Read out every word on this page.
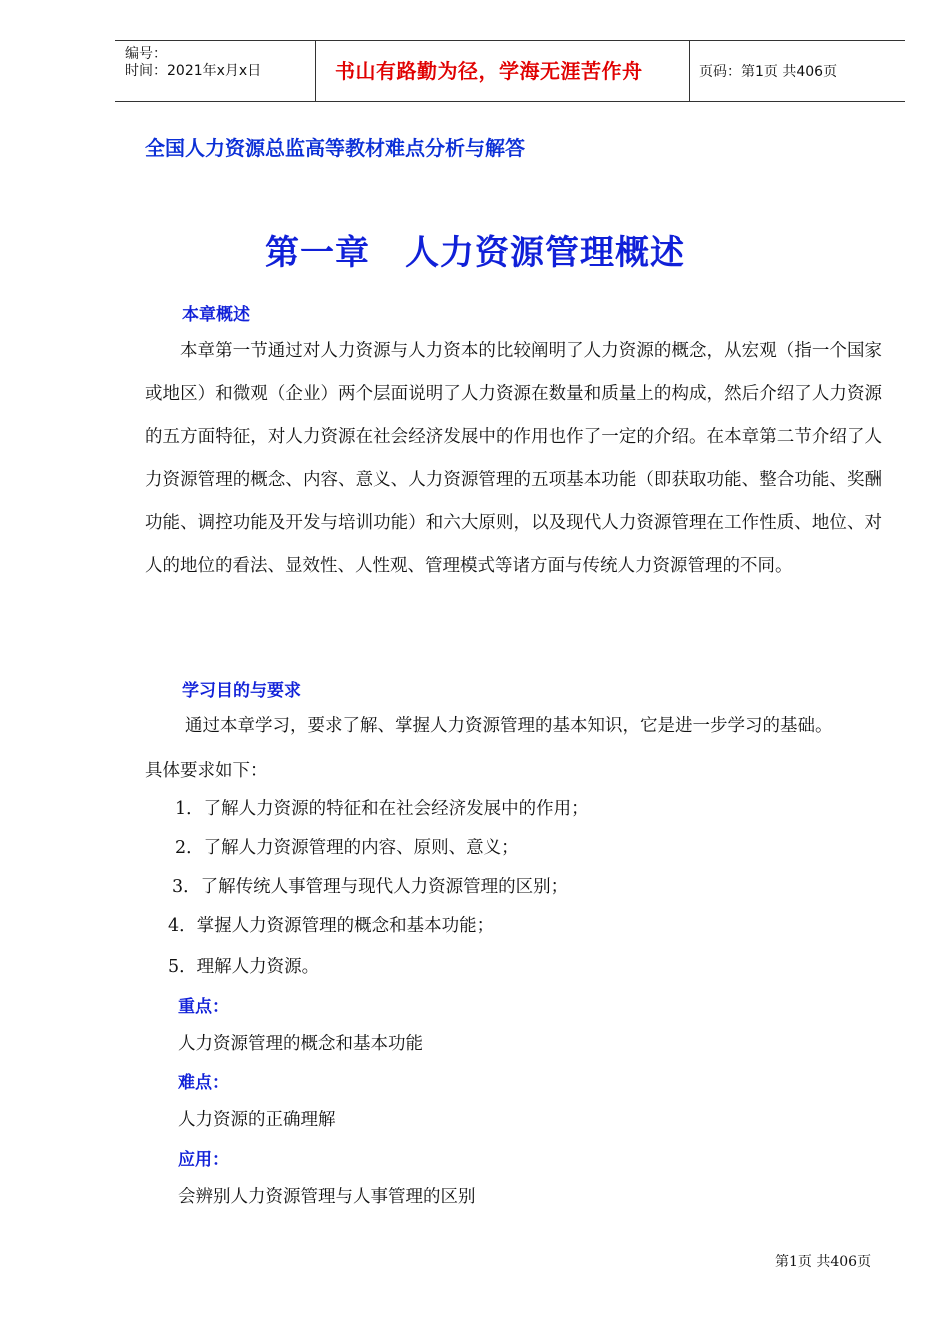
编号：
时间：2021年x月x日	书山有路勤为径，学海无涯苦作舟	页码：第1页 共406页
全国人力资源总监高等教材难点分析与解答
第一章　人力资源管理概述
本章概述

本章第一节通过对人力资源与人力资本的比较阐明了人力资源的概念，从宏观（指一个国家或地区）和微观（企业）两个层面说明了人力资源在数量和质量上的构成，然后介绍了人力资源的五方面特征，对人力资源在社会经济发展中的作用也作了一定的介绍。在本章第二节介绍了人力资源管理的概念、内容、意义、人力资源管理的五项基本功能（即获取功能、整合功能、奖酬功能、调控功能及开发与培训功能）和六大原则，以及现代人力资源管理在工作性质、地位、对人的地位的看法、显效性、人性观、管理模式等诸方面与传统人力资源管理的不同。

学习目的与要求
通过本章学习，要求了解、掌握人力资源管理的基本知识，它是进一步学习的基础。
具体要求如下：
1．了解人力资源的特征和在社会经济发展中的作用；
2．了解人力资源管理的内容、原则、意义；
3．了解传统人事管理与现代人力资源管理的区别；
4．掌握人力资源管理的概念和基本功能；
5．理解人力资源。
重点：
人力资源管理的概念和基本功能
难点：
人力资源的正确理解
应用：
会辨别人力资源管理与人事管理的区别
第1页 共406页
